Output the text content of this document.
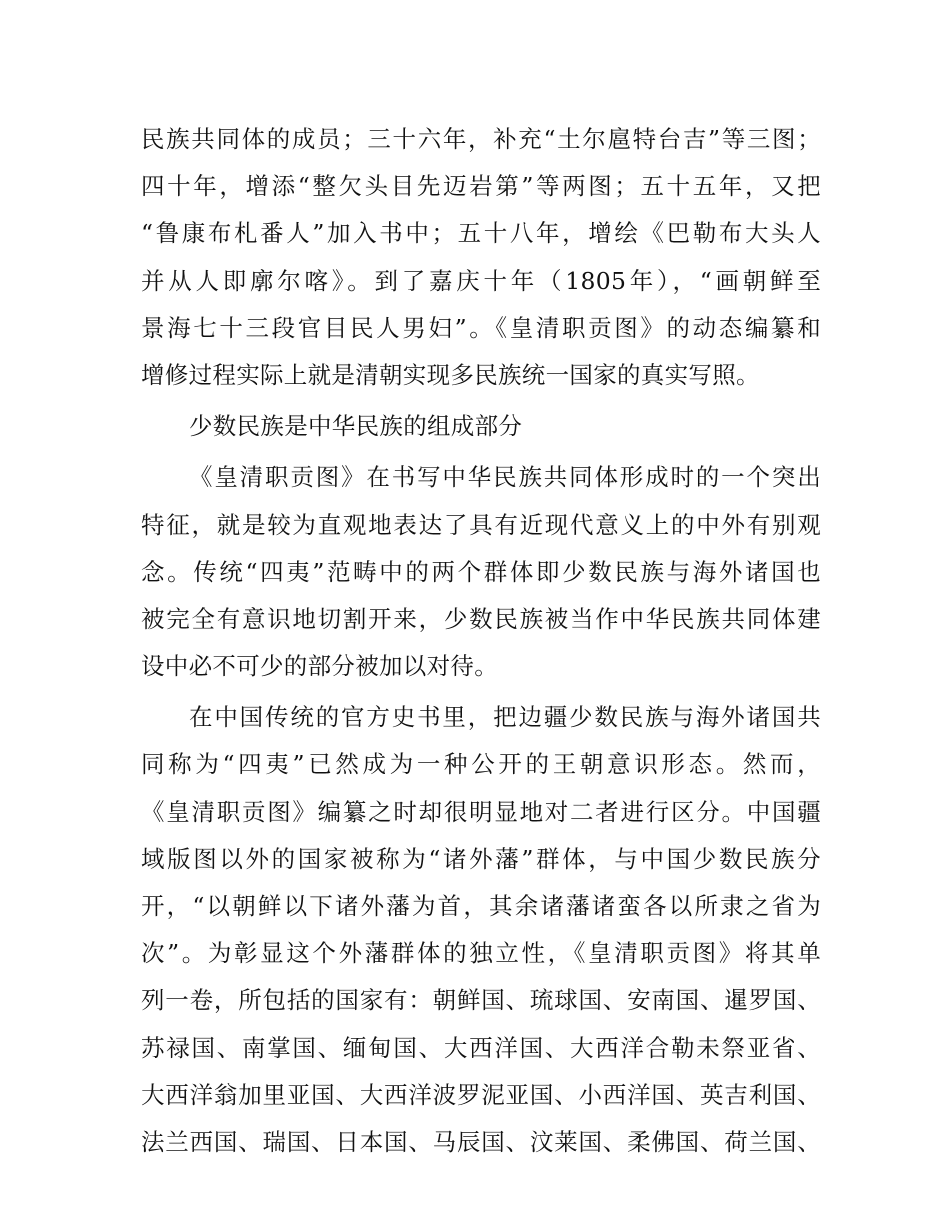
民族共同体的成员；三十六年，补充“土尔扈特台吉”等三图；
四十年，增添“整欠头目先迈岩第”等两图；五十五年，又把
“鲁康布札番人”加入书中；五十八年，增绘《巴勒布大头人
并从人即廓尔喀》。到了嘉庆十年（1805年），“画朝鲜至
景海七十三段官目民人男妇”。《皇清职贡图》的动态编纂和
增修过程实际上就是清朝实现多民族统一国家的真实写照。
少数民族是中华民族的组成部分
《皇清职贡图》在书写中华民族共同体形成时的一个突出
特征，就是较为直观地表达了具有近现代意义上的中外有别观
念。传统“四夷”范畴中的两个群体即少数民族与海外诸国也
被完全有意识地切割开来，少数民族被当作中华民族共同体建
设中必不可少的部分被加以对待。
在中国传统的官方史书里，把边疆少数民族与海外诸国共
同称为“四夷”已然成为一种公开的王朝意识形态。然而，
《皇清职贡图》编纂之时却很明显地对二者进行区分。中国疆
域版图以外的国家被称为“诸外藩”群体，与中国少数民族分
开，“以朝鲜以下诸外藩为首，其余诸藩诸蛮各以所隶之省为
次”。为彰显这个外藩群体的独立性，《皇清职贡图》将其单
列一卷，所包括的国家有：朝鲜国、琉球国、安南国、暹罗国、
苏禄国、南掌国、缅甸国、大西洋国、大西洋合勒未祭亚省、
大西洋翁加里亚国、大西洋波罗泥亚国、小西洋国、英吉利国、
法兰西国、瑞国、日本国、马辰国、汶莱国、柔佛国、荷兰国、
